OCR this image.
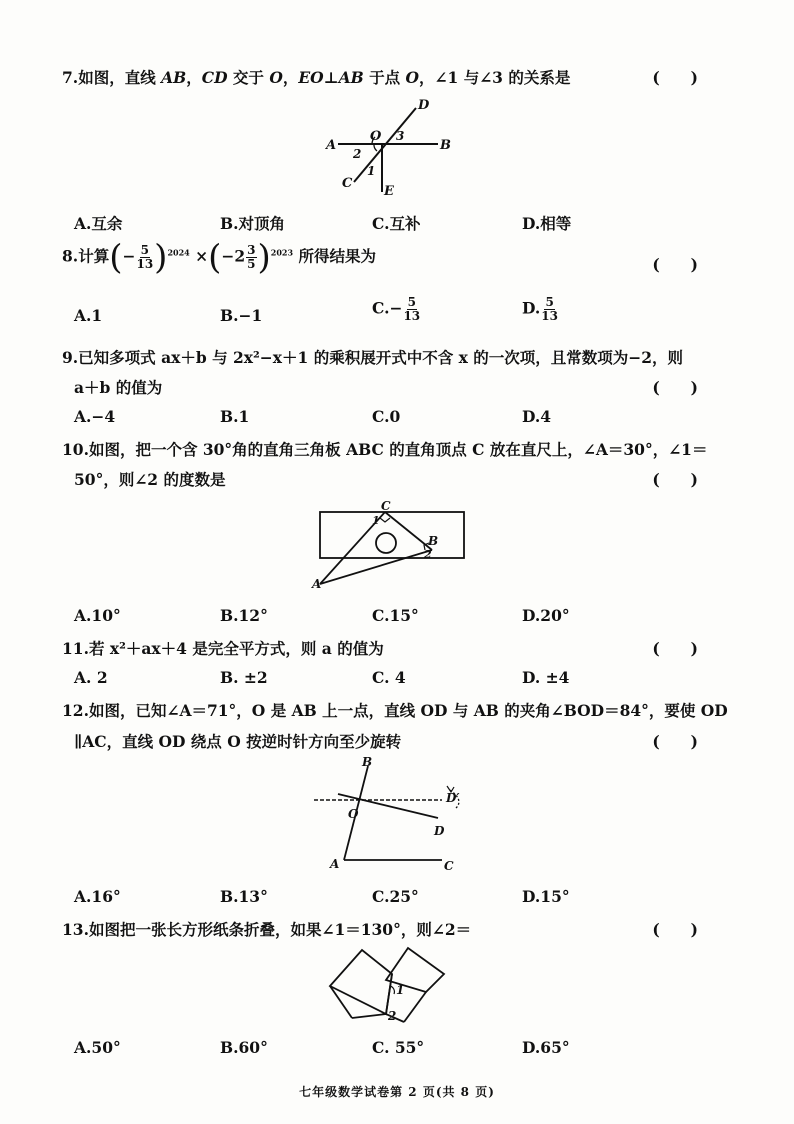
7.如图，直线 AB，CD 交于 O，EO⊥AB 于点 O，∠1 与∠3 的关系是	(　　)
A	B
C
D
E
O
1
2
3
A.互余	B.对顶角	C.互补	D.相等
8.计算(− $\frac{5}{13} )^{2024} \times(-2 \frac{3}{5} )^{2023}$ 所得结果为	(　　)
A.1	B.−1	$C.- \frac{5}{13}$	D. $\frac{5}{13}$
9.已知多项式 ax＋b 与 2x²−x＋1 的乘积展开式中不含 x 的一次项，且常数项为−2，则
a＋b 的值为	(　　)
A.−4	B.1	C.0	D.4
10.如图，把一个含 30°角的直角三角板 ABC 的直角顶点 C 放在直尺上，∠A＝30°，∠1＝
50°，则∠2 的度数是	(　　)
C
B
A
1
2
A.10°	B.12°	C.15°	D.20°
11.若 x²＋ax＋4 是完全平方式，则 a 的值为	(　　)
A. 2	B. ±2	C. 4	D. ±4
12.如图，已知∠A＝71°，O 是 AB 上一点，直线 OD 与 AB 的夹角∠BOD＝84°，要使 OD
∥AC，直线 OD 绕点 O 按逆时针方向至少旋转	(　　)
B
O
A	C
D
D′
A.16°	B.13°	C.25°	D.15°
13.如图把一张长方形纸条折叠，如果∠1＝130°，则∠2＝	(　　)
1
2
A.50°	B.60°	C. 55°	D.65°
七年级数学试卷第 2 页(共 8 页)
